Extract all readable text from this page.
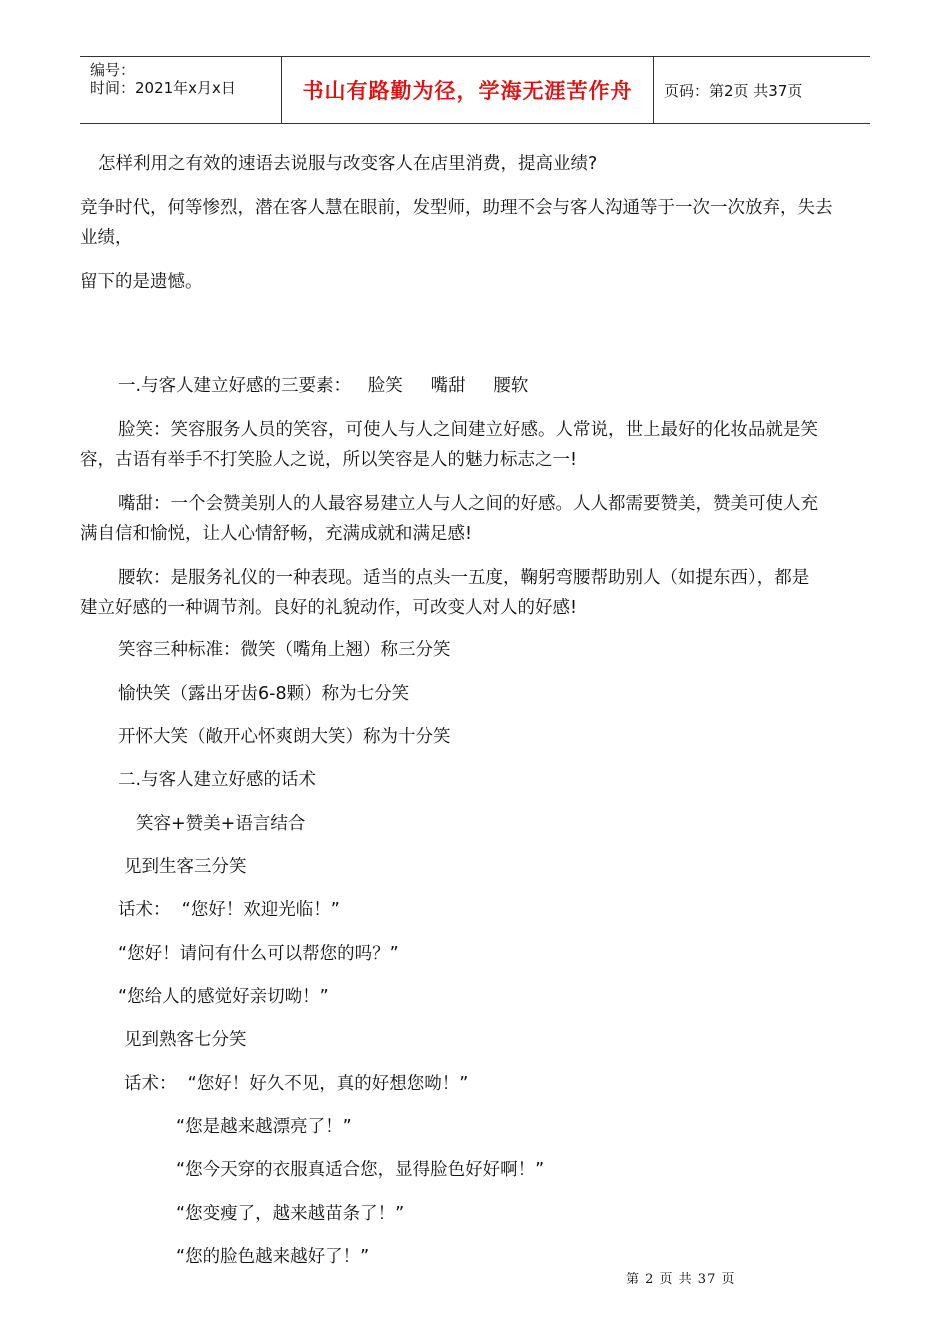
编号：
时间：2021年x月x日	书山有路勤为径，学海无涯苦作舟 页码：第2页 共37页
怎样利用之有效的速语去说服与改变客人在店里消费，提高业绩?
竞争时代，何等惨烈，潜在客人慧在眼前，发型师，助理不会与客人沟通等于一次一次放弃，失去
业绩，
留下的是遗憾。
一.与客人建立好感的三要素：   脸笑     嘴甜     腰软
脸笑：笑容服务人员的笑容，可使人与人之间建立好感。人常说，世上最好的化妆品就是笑
容，古语有举手不打笑脸人之说，所以笑容是人的魅力标志之一!
嘴甜：一个会赞美别人的人最容易建立人与人之间的好感。人人都需要赞美，赞美可使人充
满自信和愉悦，让人心情舒畅，充满成就和满足感!
腰软：是服务礼仪的一种表现。适当的点头一五度，鞠躬弯腰帮助别人（如提东西），都是
建立好感的一种调节剂。良好的礼貌动作，可改变人对人的好感!
笑容三种标准：微笑（嘴角上翘）称三分笑
愉快笑（露出牙齿6-8颗）称为七分笑
开怀大笑（敞开心怀爽朗大笑）称为十分笑
二.与客人建立好感的话术
笑容+赞美+语言结合
见到生客三分笑
话术：  “您好！欢迎光临！”
“您好！请问有什么可以帮您的吗？”
“您给人的感觉好亲切呦！”
见到熟客七分笑
话术：  “您好！好久不见，真的好想您呦！”
“您是越来越漂亮了！”
“您今天穿的衣服真适合您，显得脸色好好啊！”
“您变瘦了，越来越苗条了！”
“您的脸色越来越好了！”
第 2 页 共 37 页
